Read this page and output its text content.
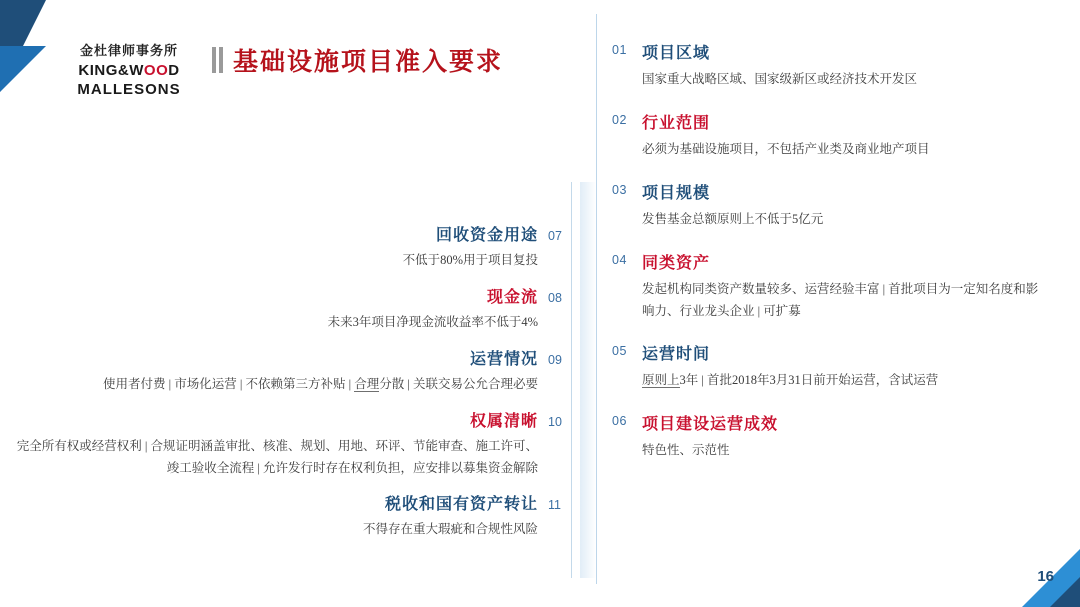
金杜律师事务所
KING&WOOD
MALLESONS
基础设施项目准入要求	01 项目区域
国家重大战略区域、国家级新区或经济技术开发区
02 行业范围
必须为基础设施项目，不包括产业类及商业地产项目
03 项目规模
发售基金总额原则上不低于5亿元
04 同类资产
发起机构同类资产数量较多、运营经验丰富 | 首批项目为一定知名度和影响力、行业龙头企业 | 可扩募
05 运营时间
原则上3年 | 首批2018年3月31日前开始运营，含试运营
06 项目建设运营成效
特色性、示范性
回收资金用途 07
不低于80%用于项目复投
现金流 08
未来3年项目净现金流收益率不低于4%
运营情况 09
使用者付费 | 市场化运营 | 不依赖第三方补贴 | 合理分散 | 关联交易公允合理必要
权属清晰 10
完全所有权或经营权利 | 合规证明涵盖审批、核准、规划、用地、环评、节能审查、施工许可、竣工验收全流程 | 允许发行时存在权利负担，应安排以募集资金解除
税收和国有资产转让 11
不得存在重大瑕疵和合规性风险
16
